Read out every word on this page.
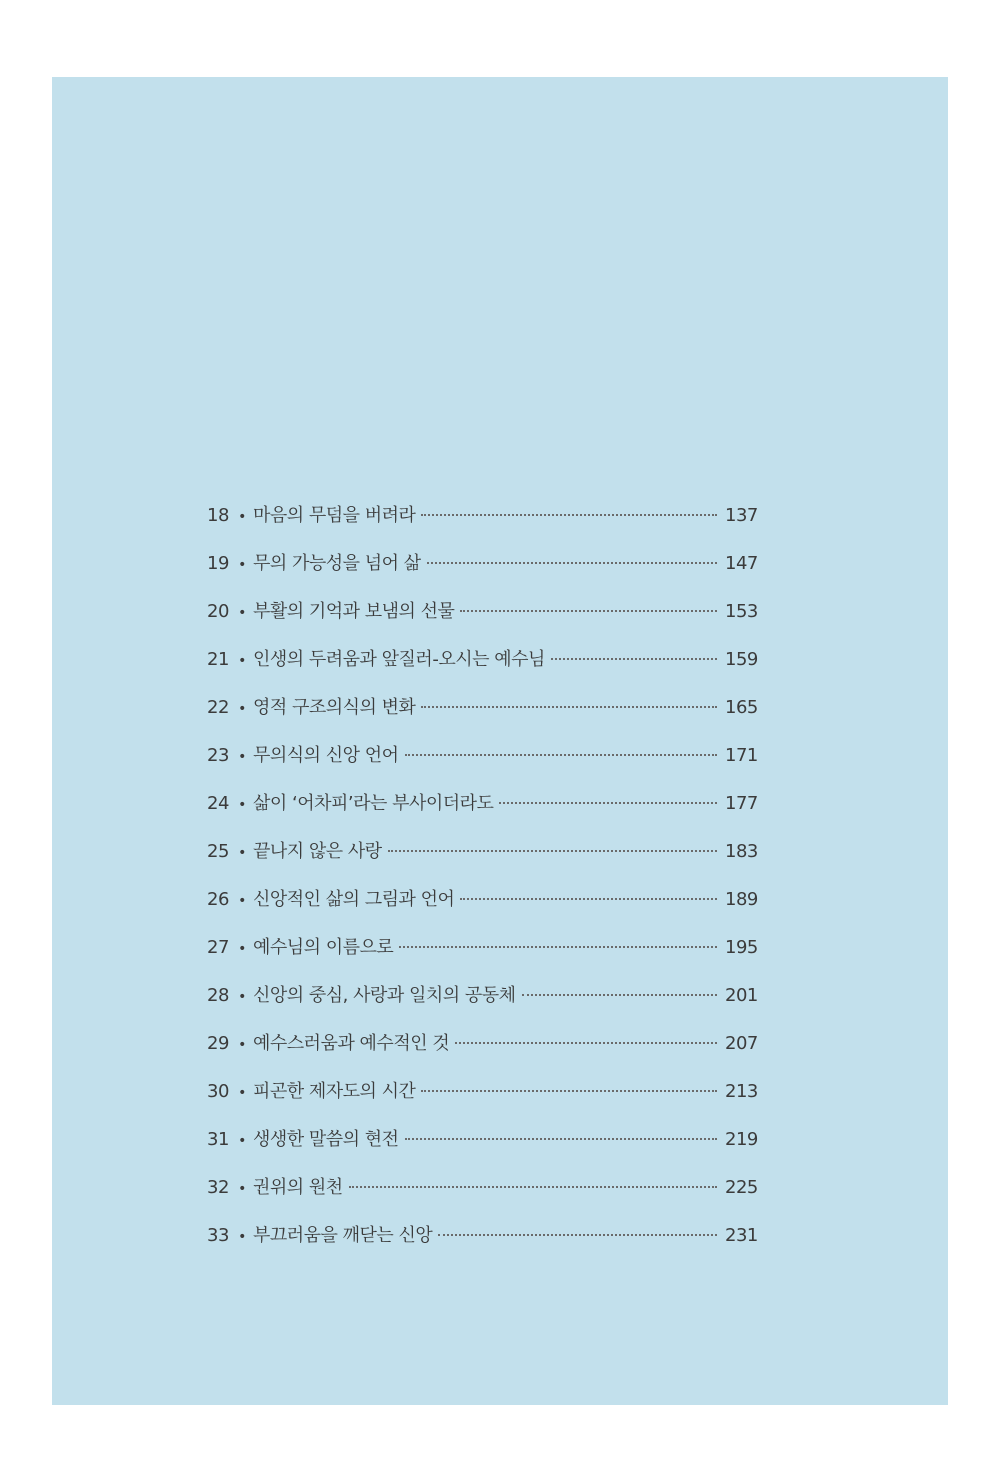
18 • 마음의 무덤을 버려라	137
19 • 무의 가능성을 넘어 삶	147
20 • 부활의 기억과 보냄의 선물	153
21 • 인생의 두려움과 앞질러-오시는 예수님	159
22 • 영적 구조의식의 변화	165
23 • 무의식의 신앙 언어	171
24 • 삶이 ‘어차피’라는 부사이더라도	177
25 • 끝나지 않은 사랑	183
26 • 신앙적인 삶의 그림과 언어	189
27 • 예수님의 이름으로	195
28 • 신앙의 중심, 사랑과 일치의 공동체	201
29 • 예수스러움과 예수적인 것	207
30 • 피곤한 제자도의 시간	213
31 • 생생한 말씀의 현전	219
32 • 권위의 원천	225
33 • 부끄러움을 깨닫는 신앙	231
